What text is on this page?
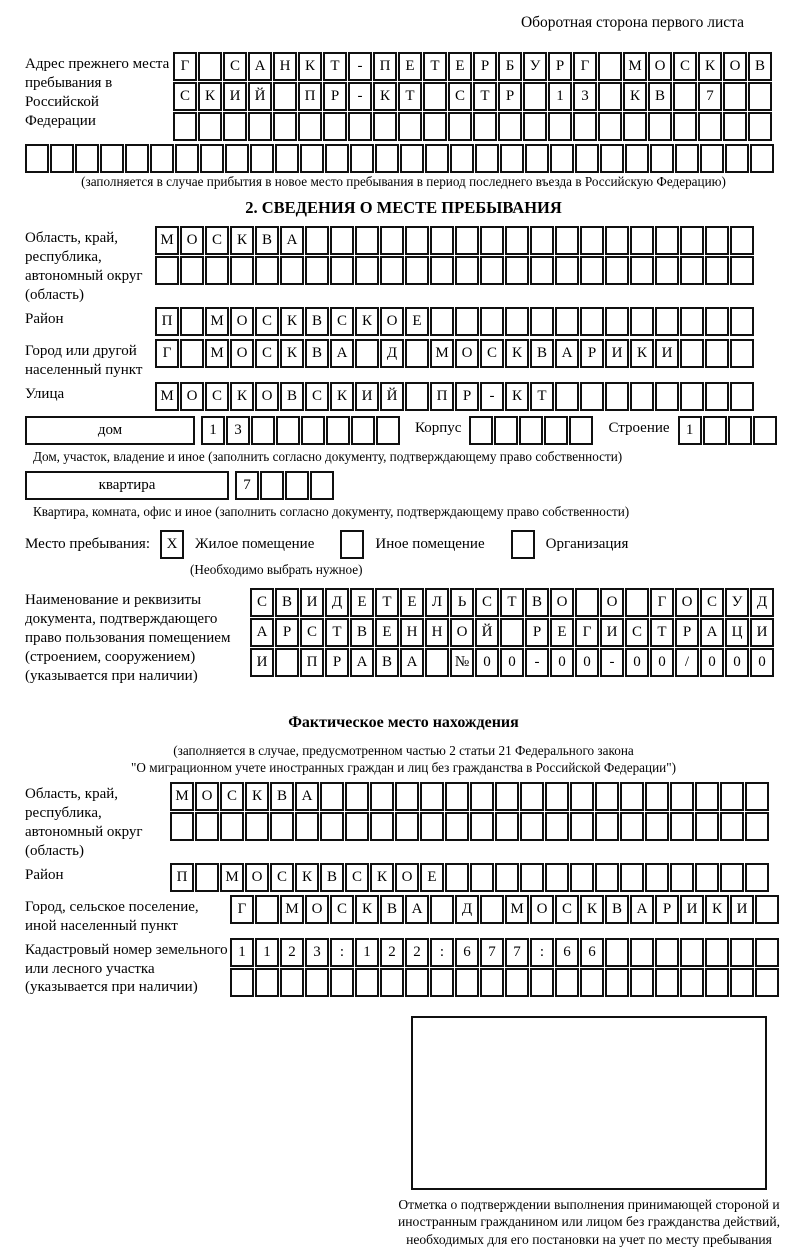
Оборотная сторона первого листа
Адрес прежнего места пребывания в Российской Федерации
Г	С А Н К Т - П Е Т Е Р Б У Р Г	М О С К О В
С К И Й	П Р - К Т	С Т Р	1 3	К В	7
(заполняется в случае прибытия в новое место пребывания в период последнего въезда в Российскую Федерацию)
2. СВЕДЕНИЯ О МЕСТЕ ПРЕБЫВАНИЯ
Область, край, республика, автономный округ (область)
М О С К В А
Район	П	М О С К В С К О Е
Город или другой населенный пункт
Г	М О С К В А	Д	М О С К В А Р И К И
Улица	М О С К О В С К И Й	П Р - К Т
дом	1 3	Корпус	Строение	1
Дом, участок, владение и иное (заполнить согласно документу, подтверждающему право собственности)
квартира	7
Квартира, комната, офис и иное (заполнить согласно документу, подтверждающему право собственности)
Место пребывания:	X	Жилое помещение	Иное помещение	Организация
(Необходимо выбрать нужное)
Наименование и реквизиты документа, подтверждающего право пользования помещением (строением, сооружением) (указывается при наличии)
С В И Д Е Т Е Л Ь С Т В О	О	Г О С У Д
А Р С Т В Е Н Н О Й	Р Е Г И С Т Р А Ц И
И	П Р А В А № 0 0 - 0 0 - 0 0 / 0 0 0
Фактическое место нахождения
(заполняется в случае, предусмотренном частью 2 статьи 21 Федерального закона
"О миграционном учете иностранных граждан и лиц без гражданства в Российской Федерации")
Область, край, республика, автономный округ (область)
М О С К В А
Район	П	М О С К В С К О Е
Город, сельское поселение, иной населенный пункт
Г	М О С К В А	Д	М О С К В А Р И К И
Кадастровый номер земельного или лесного участка (указывается при наличии)
1 1 2 3 : 1 2 2 : 6 7 7 : 6 6
Отметка о подтверждении выполнения принимающей стороной и иностранным гражданином или лицом без гражданства действий, необходимых для его постановки на учет по месту пребывания
